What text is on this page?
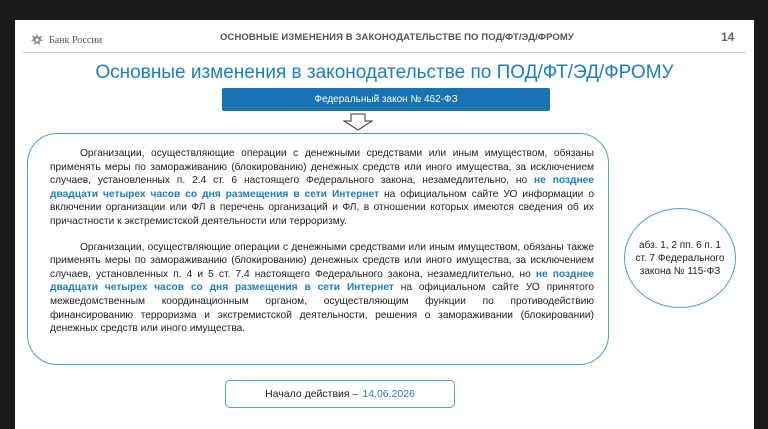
Банк России	ОСНОВНЫЕ ИЗМЕНЕНИЯ В ЗАКОНОДАТЕЛЬСТВЕ ПО ПОД/ФТ/ЭД/ФРОМУ	14
Основные изменения в законодательстве по ПОД/ФТ/ЭД/ФРОМУ
Федеральный закон № 462-ФЗ

Организации, осуществляющие операции с денежными средствами или иным имуществом, обязаны применять меры по замораживанию (блокированию) денежных средств или иного имущества, за исключением случаев, установленных п. 2.4 ст. 6 настоящего Федерального закона, незамедлительно, но не позднее двадцати четырех часов со дня размещения в сети Интернет на официальном сайте УО информации о включении организации или ФЛ в перечень организаций и ФЛ, в отношении которых имеются сведения об их причастности к экстремистской деятельности или терроризму.

Организации, осуществляющие операции с денежными средствами или иным имуществом, обязаны также применять меры по замораживанию (блокированию) денежных средств или иного имущества, за исключением случаев, установленных п. 4 и 5 ст. 7.4 настоящего Федерального закона, незамедлительно, но не позднее двадцати четырех часов со дня размещения в сети Интернет на официальном сайте УО принятого межведомственным координационным органом, осуществляющим функции по противодействию финансированию терроризма и экстремистской деятельности, решения о замораживании (блокировании) денежных средств или иного имущества.

абз. 1, 2 пп. 6 п. 1 ст. 7 Федерального закона № 115-ФЗ
Начало действия – 14.06.2026
